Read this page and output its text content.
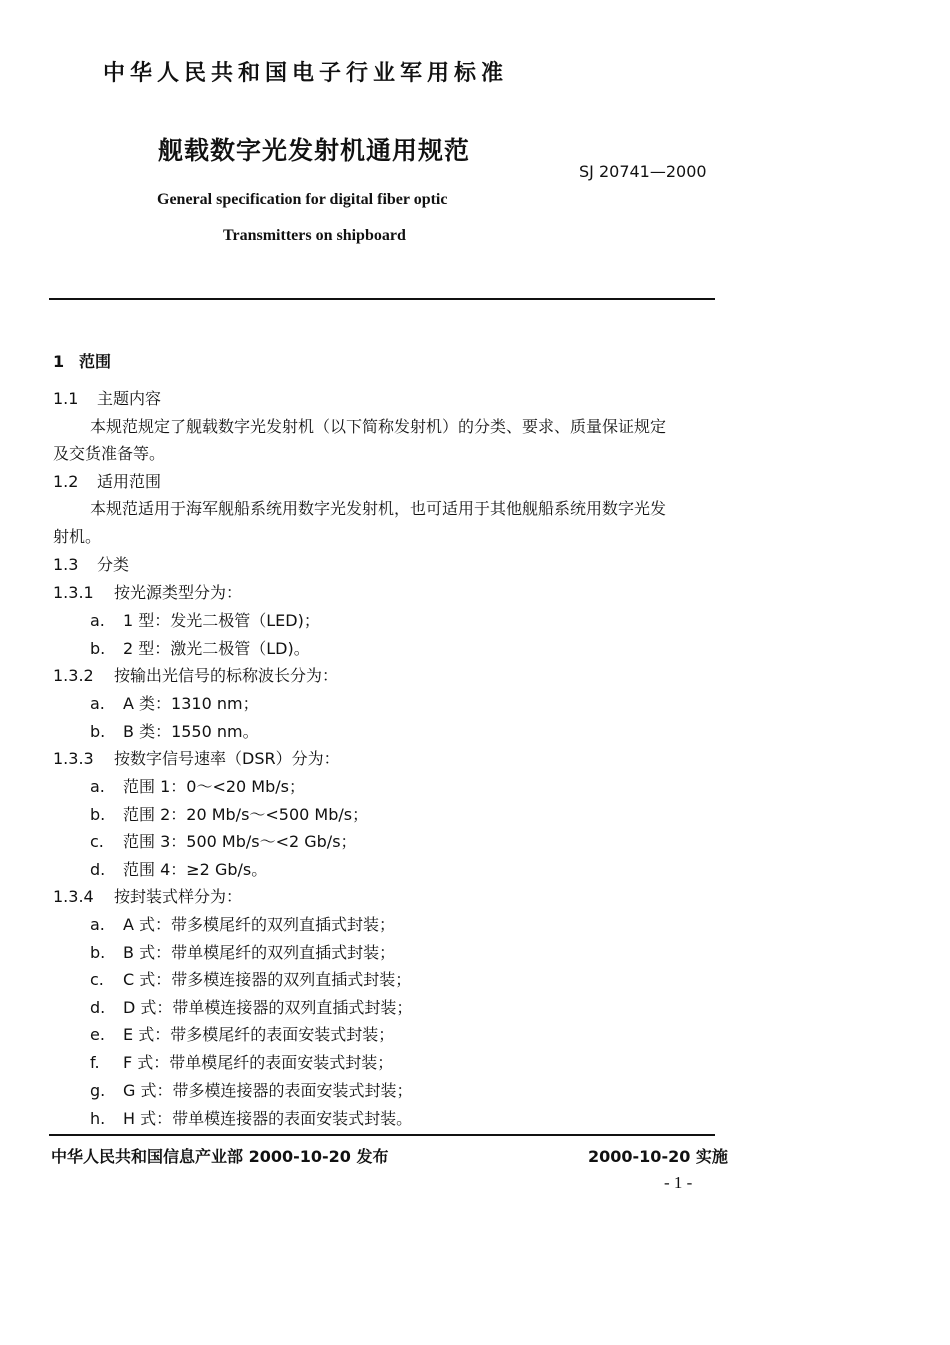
中华人民共和国电子行业军用标准
舰载数字光发射机通用规范
SJ 20741—2000
General specification for digital fiber optic
Transmitters on shipboard
1 范围
1.1 主题内容
本规范规定了舰载数字光发射机（以下简称发射机）的分类、要求、质量保证规定
及交货准备等。
1.2 适用范围
本规范适用于海军舰船系统用数字光发射机，也可适用于其他舰船系统用数字光发
射机。
1.3 分类
1.3.1 按光源类型分为：
a. 1 型：发光二极管（LED)；
b. 2 型：激光二极管（LD)。
1.3.2 按输出光信号的标称波长分为：
a. A 类：1310 nm；
b. B 类：1550 nm。
1.3.3 按数字信号速率（DSR）分为：
a. 范围 1：0～<20 Mb/s；
b. 范围 2：20 Mb/s～<500 Mb/s；
c. 范围 3：500 Mb/s～<2 Gb/s；
d. 范围 4：≥2 Gb/s。
1.3.4 按封装式样分为：
a. A 式：带多模尾纤的双列直插式封装；
b. B 式：带单模尾纤的双列直插式封装；
c. C 式：带多模连接器的双列直插式封装；
d. D 式：带单模连接器的双列直插式封装；
e. E 式：带多模尾纤的表面安装式封装；
f. F 式：带单模尾纤的表面安装式封装；
g. G 式：带多模连接器的表面安装式封装；
h. H 式：带单模连接器的表面安装式封装。
中华人民共和国信息产业部 2000-10-20 发布	2000-10-20 实施
- 1 -
